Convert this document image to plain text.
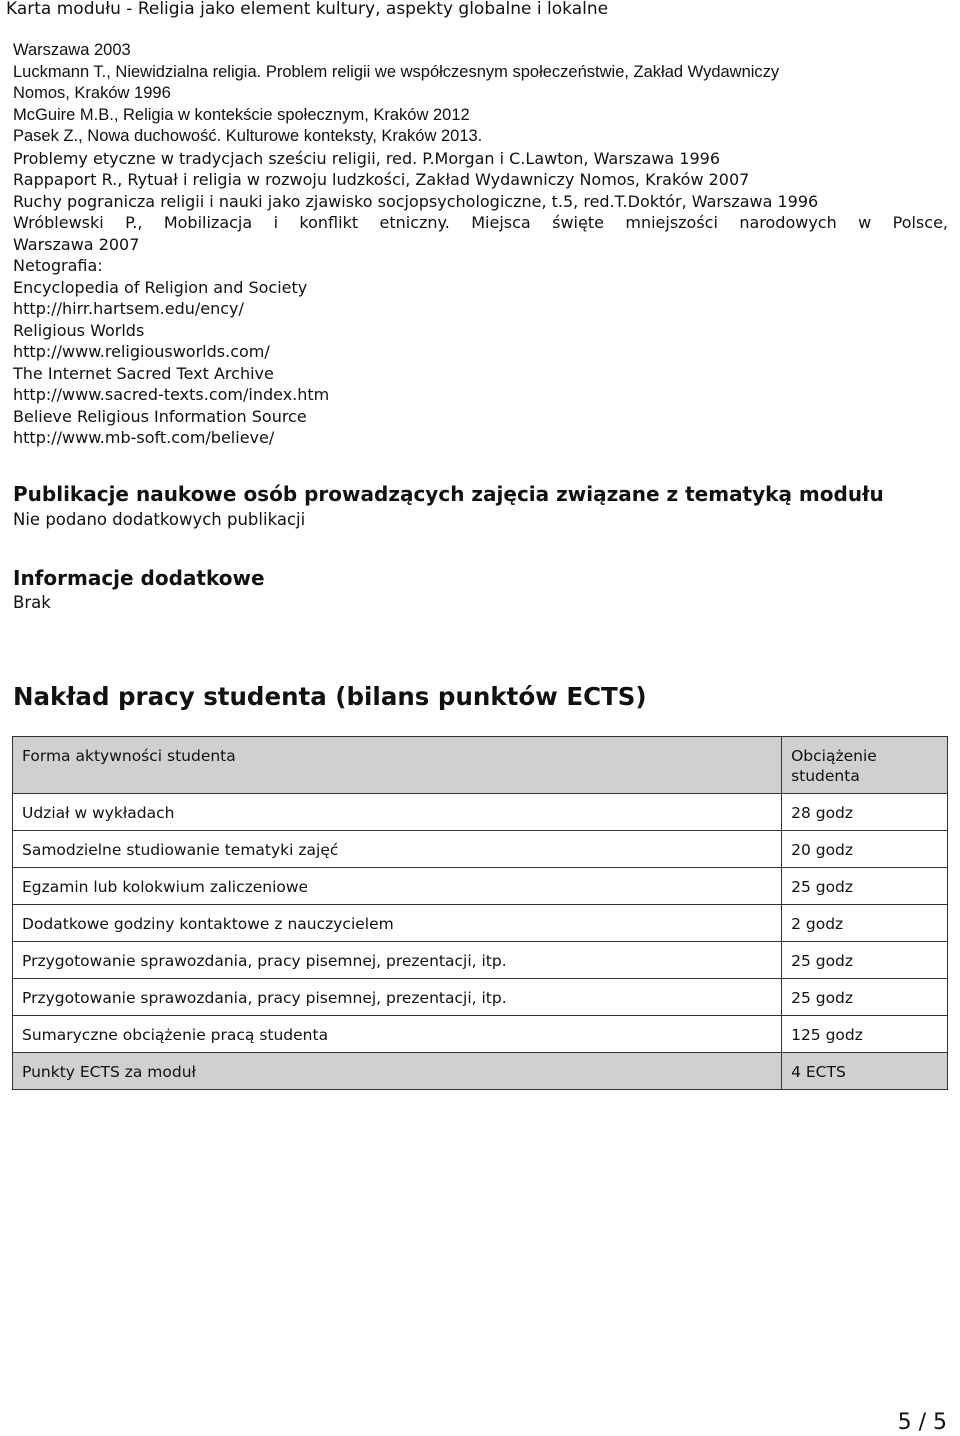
Karta modułu - Religia jako element kultury, aspekty globalne i lokalne
Warszawa 2003
Luckmann T., Niewidzialna religia. Problem religii we współczesnym społeczeństwie, Zakład Wydawniczy
Nomos, Kraków 1996
McGuire M.B., Religia w kontekście społecznym, Kraków 2012
Pasek Z., Nowa duchowość. Kulturowe konteksty, Kraków 2013.
Problemy etyczne w tradycjach sześciu religii, red. P.Morgan i C.Lawton, Warszawa 1996
Rappaport R., Rytuał i religia w rozwoju ludzkości, Zakład Wydawniczy Nomos, Kraków 2007
Ruchy pogranicza religii i nauki jako zjawisko socjopsychologiczne, t.5, red.T.Doktór, Warszawa 1996
Wróblewski P., Mobilizacja i konflikt etniczny. Miejsca święte mniejszości narodowych w Polsce,
Warszawa 2007
Netografia:
Encyclopedia of Religion and Society
http://hirr.hartsem.edu/ency/
Religious Worlds
http://www.religiousworlds.com/
The Internet Sacred Text Archive
http://www.sacred-texts.com/index.htm
Believe Religious Information Source
http://www.mb-soft.com/believe/
Publikacje naukowe osób prowadzących zajęcia związane z tematyką modułu
Nie podano dodatkowych publikacji
Informacje dodatkowe
Brak
Nakład pracy studenta (bilans punktów ECTS)
Forma aktywności studenta	Obciążenie studenta
Udział w wykładach	28 godz
Samodzielne studiowanie tematyki zajęć	20 godz
Egzamin lub kolokwium zaliczeniowe	25 godz
Dodatkowe godziny kontaktowe z nauczycielem	2 godz
Przygotowanie sprawozdania, pracy pisemnej, prezentacji, itp.	25 godz
Przygotowanie sprawozdania, pracy pisemnej, prezentacji, itp.	25 godz
Sumaryczne obciążenie pracą studenta	125 godz
Punkty ECTS za moduł	4 ECTS
5 / 5
